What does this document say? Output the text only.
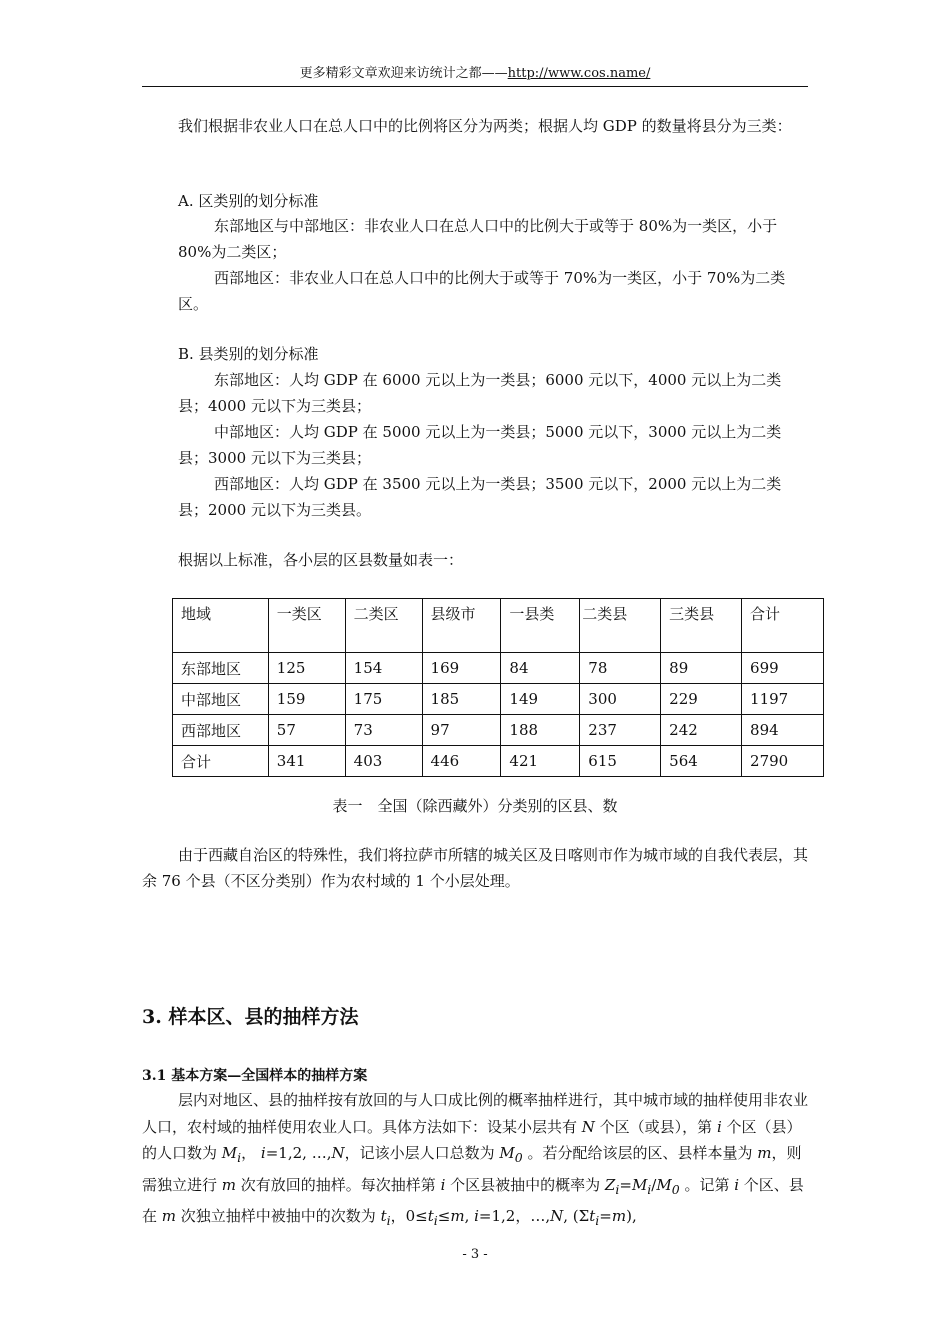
更多精彩文章欢迎来访统计之都——http://www.cos.name/

我们根据非农业人口在总人口中的比例将区分为两类；根据人均 GDP 的数量将县分为三类：

A. 区类别的划分标准

东部地区与中部地区：非农业人口在总人口中的比例大于或等于 80%为一类区，小于 80%为二类区；

西部地区：非农业人口在总人口中的比例大于或等于 70%为一类区，小于 70%为二类区。

B. 县类别的划分标准

东部地区：人均 GDP 在 6000 元以上为一类县；6000 元以下，4000 元以上为二类县；4000 元以下为三类县；

中部地区：人均 GDP 在 5000 元以上为一类县；5000 元以下，3000 元以上为二类县；3000 元以下为三类县；

西部地区：人均 GDP 在 3500 元以上为一类县；3500 元以下，2000 元以上为二类县；2000 元以下为三类县。

根据以上标准，各小层的区县数量如表一：

地域	一类区	二类区	县级市	一县类	二类县	三类县	合计
东部地区	125	154	169	84	78	89	699
中部地区	159	175	185	149	300	229	1197
西部地区	57	73	97	188	237	242	894
合计	341	403	446	421	615	564	2790
表一　全国（除西藏外）分类别的区县、数

由于西藏自治区的特殊性，我们将拉萨市所辖的城关区及日喀则市作为城市域的自我代表层，其余 76 个县（不区分类别）作为农村域的 1 个小层处理。

3. 样本区、县的抽样方法
3.1 基本方案—全国样本的抽样方案

层内对地区、县的抽样按有放回的与人口成比例的概率抽样进行，其中城市域的抽样使用非农业人口，农村域的抽样使用农业人口。具体方法如下：设某小层共有 N 个区（或县），第 i 个区（县）的人口数为 $M_i$， i=1,2, …,N，记该小层人口总数为 $M_0$ 。若分配给该层的区、县样本量为 m，则需独立进行 m 次有放回的抽样。每次抽样第 i 个区县被抽中的概率为 $Z_i=M_i/M_0$ 。记第 i 个区、县在 m 次独立抽样中被抽中的次数为 $t_i$，$0\le t_i\le m$, i=1,2，…,N, $(\Sigma t_i=m)$,

- 3 -
